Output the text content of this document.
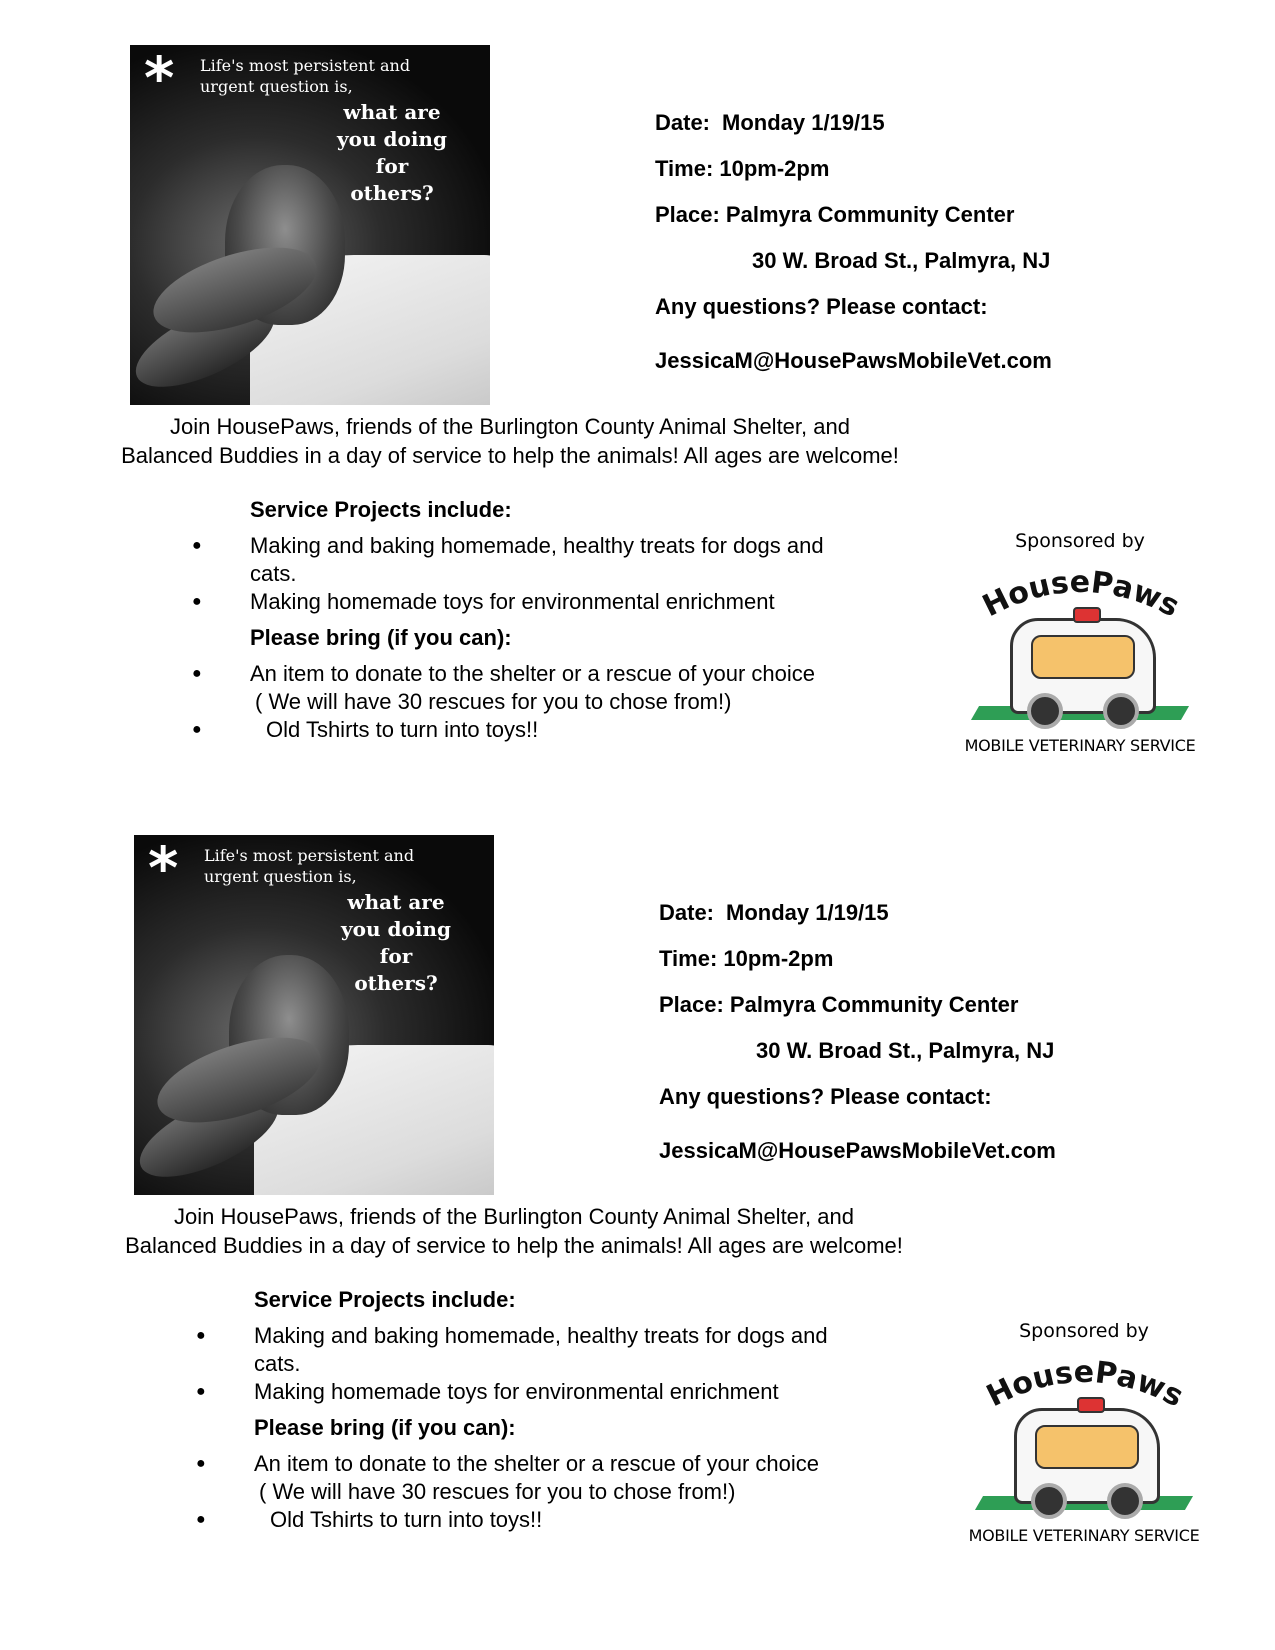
* Life's most persistent and
urgent question is,
what are
you doing
for
others?
Date: Monday 1/19/15
Time: 10pm-2pm
Place: Palmyra Community Center
30 W. Broad St., Palmyra, NJ
Any questions? Please contact:
JessicaM@HousePawsMobileVet.com
Join HousePaws, friends of the Burlington County Animal Shelter, and
Balanced Buddies in a day of service to help the animals! All ages are welcome!
Service Projects include:
● Making and baking homemade, healthy treats for dogs and
cats.
● Making homemade toys for environmental enrichment
Please bring (if you can):
● An item to donate to the shelter or a rescue of your choice
( We will have 30 rescues for you to chose from!)
●	Old Tshirts to turn into toys!!
Sponsored by
HousePaws
MOBILE VETERINARY SERVICE
* Life's most persistent and
urgent question is,
what are
you doing
for
others?
Date: Monday 1/19/15
Time: 10pm-2pm
Place: Palmyra Community Center
30 W. Broad St., Palmyra, NJ
Any questions? Please contact:
JessicaM@HousePawsMobileVet.com
Join HousePaws, friends of the Burlington County Animal Shelter, and
Balanced Buddies in a day of service to help the animals! All ages are welcome!
Service Projects include:
● Making and baking homemade, healthy treats for dogs and
cats.
● Making homemade toys for environmental enrichment
Please bring (if you can):
● An item to donate to the shelter or a rescue of your choice
( We will have 30 rescues for you to chose from!)
●	Old Tshirts to turn into toys!!
Sponsored by
HousePaws
MOBILE VETERINARY SERVICE
